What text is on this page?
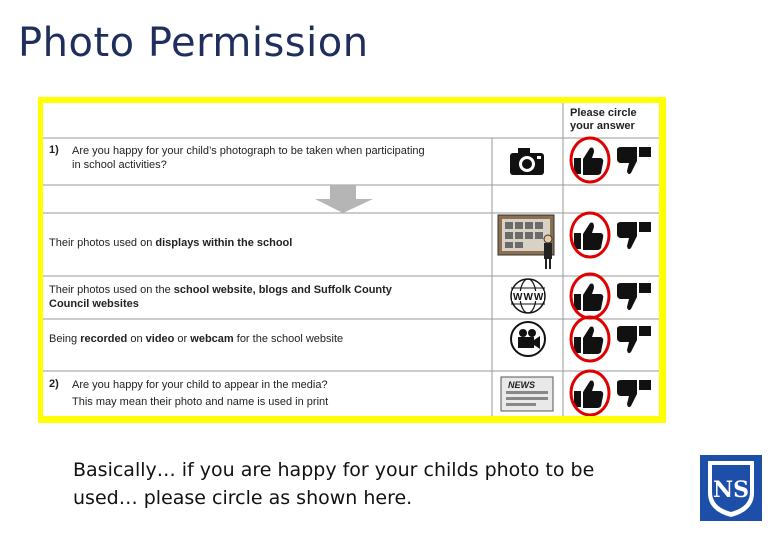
Photo Permission
Please circle
your answer
1) Are you happy for your child’s photograph to be taken when participating
in school activities?
Their photos used on displays within the school
Their photos used on the school website, blogs and Suffolk County
Council websites
Being recorded on video or webcam for the school website
2) Are you happy for your child to appear in the media?
This may mean their photo and name is used in print
NEWS
WWW
Basically… if you are happy for your childs photo to be
used… please circle as shown here.	NS
